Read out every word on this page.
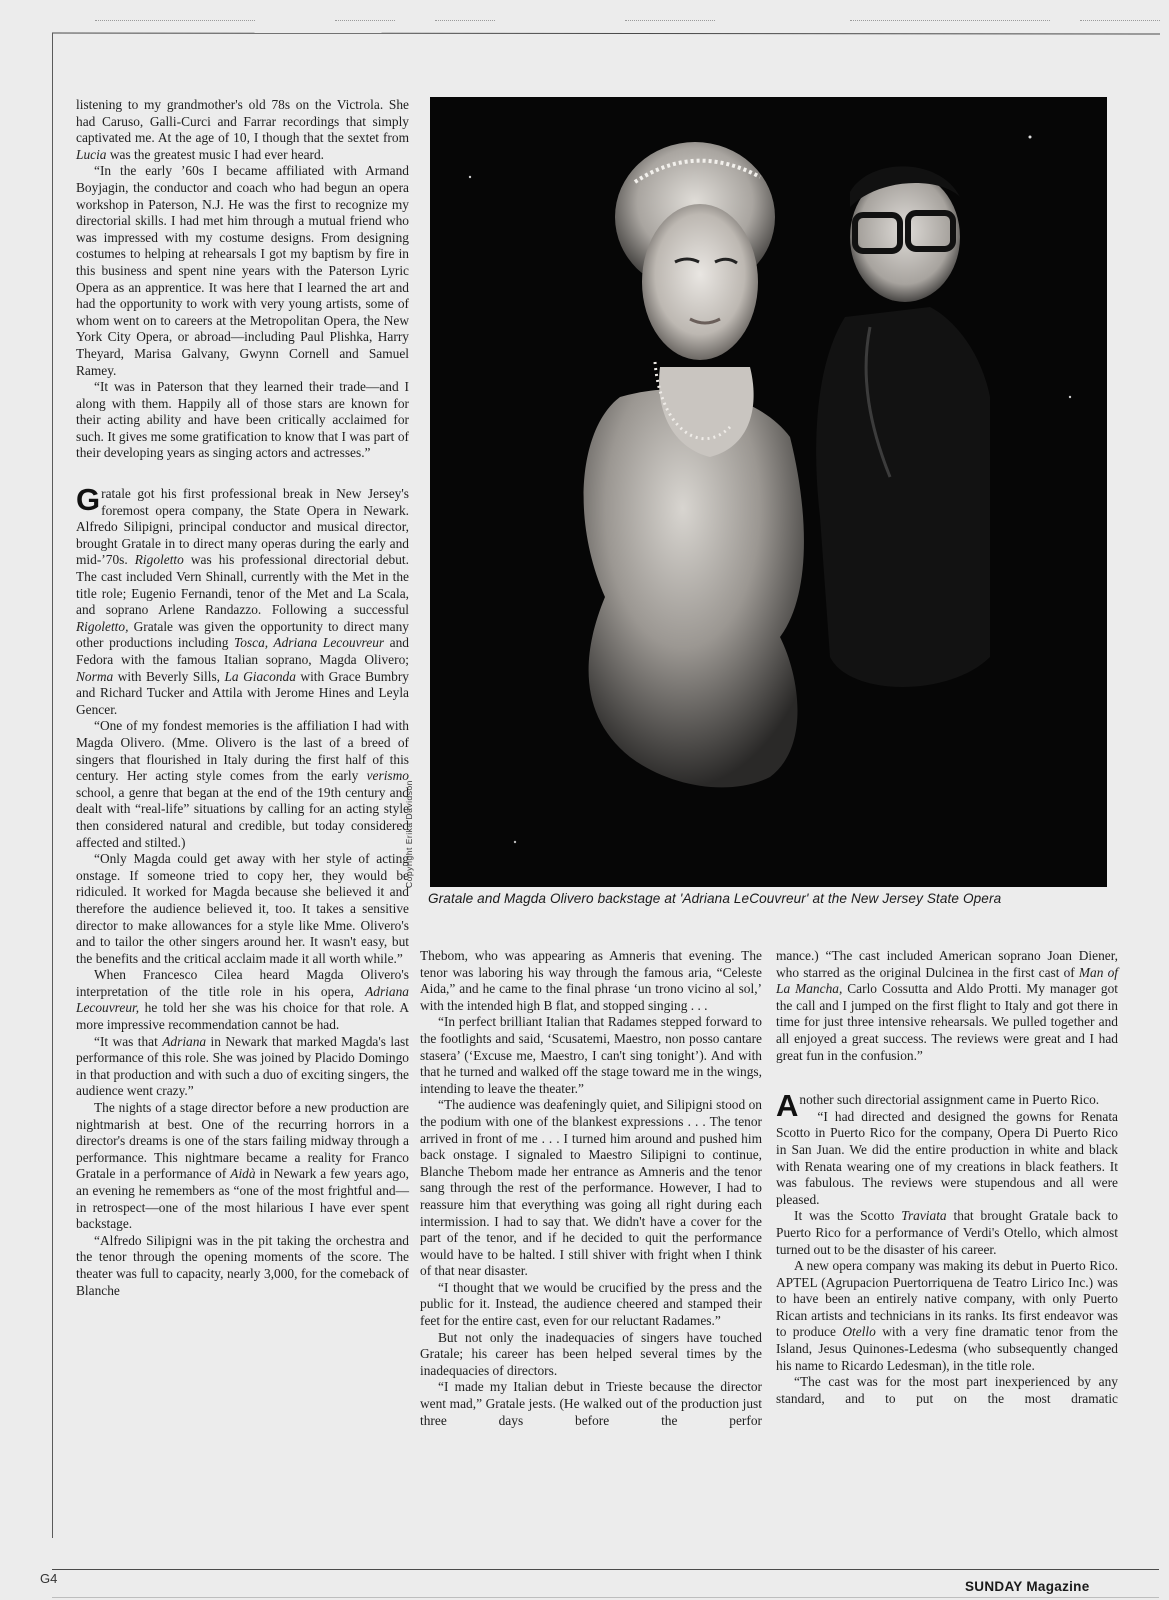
listening to my grandmother's old 78s on the Victrola. She had Caruso, Galli-Curci and Farrar recordings that simply captivated me. At the age of 10, I though that the sextet from Lucia was the greatest music I had ever heard.

“In the early ’60s I became affiliated with Armand Boyjagin, the conductor and coach who had begun an opera workshop in Paterson, N.J. He was the first to recognize my directorial skills. I had met him through a mutual friend who was impressed with my costume designs. From designing costumes to helping at rehearsals I got my baptism by fire in this business and spent nine years with the Paterson Lyric Opera as an apprentice. It was here that I learned the art and had the opportunity to work with very young artists, some of whom went on to careers at the Metropolitan Opera, the New York City Opera, or abroad—including Paul Plishka, Harry Theyard, Marisa Galvany, Gwynn Cornell and Samuel Ramey.

“It was in Paterson that they learned their trade—and I along with them. Happily all of those stars are known for their acting ability and have been critically acclaimed for such. It gives me some gratification to know that I was part of their developing years as singing actors and actresses.”

Gratale got his first professional break in New Jersey's foremost opera company, the State Opera in Newark. Alfredo Silipigni, principal conductor and musical director, brought Gratale in to direct many operas during the early and mid-’70s. Rigoletto was his professional directorial debut. The cast included Vern Shinall, currently with the Met in the title role; Eugenio Fernandi, tenor of the Met and La Scala, and soprano Arlene Randazzo. Following a successful Rigoletto, Gratale was given the opportunity to direct many other productions including Tosca, Adriana Lecouvreur and Fedora with the famous Italian soprano, Magda Olivero; Norma with Beverly Sills, La Giaconda with Grace Bumbry and Richard Tucker and Attila with Jerome Hines and Leyla Gencer.

“One of my fondest memories is the affiliation I had with Magda Olivero. (Mme. Olivero is the last of a breed of singers that flourished in Italy during the first half of this century. Her acting style comes from the early verismo school, a genre that began at the end of the 19th century and dealt with “real-life” situations by calling for an acting style then considered natural and credible, but today considered affected and stilted.)

“Only Magda could get away with her style of acting onstage. If someone tried to copy her, they would be ridiculed. It worked for Magda because she believed it and therefore the audience believed it, too. It takes a sensitive director to make allowances for a style like Mme. Olivero's and to tailor the other singers around her. It wasn't easy, but the benefits and the critical acclaim made it all worth while.”

When Francesco Cilea heard Magda Olivero's interpretation of the title role in his opera, Adriana Lecouvreur, he told her she was his choice for that role. A more impressive recommendation cannot be had.

“It was that Adriana in Newark that marked Magda's last performance of this role. She was joined by Placido Domingo in that production and with such a duo of exciting singers, the audience went crazy.”

The nights of a stage director before a new production are nightmarish at best. One of the recurring horrors in a director's dreams is one of the stars failing midway through a performance. This nightmare became a reality for Franco Gratale in a performance of Aidà in Newark a few years ago, an evening he remembers as “one of the most frightful and—in retrospect—one of the most hilarious I have ever spent backstage.

“Alfredo Silipigni was in the pit taking the orchestra and the tenor through the opening moments of the score. The theater was full to capacity, nearly 3,000, for the comeback of Blanche

Copyright Erika Davidson
Gratale and Magda Olivero backstage at 'Adriana LeCouvreur' at the New Jersey State Opera

Thebom, who was appearing as Amneris that evening. The tenor was laboring his way through the famous aria, “Celeste Aida,” and he came to the final phrase ‘un trono vicino al sol,’ with the intended high B flat, and stopped singing . . .

“In perfect brilliant Italian that Radames stepped forward to the footlights and said, ‘Scusatemi, Maestro, non posso cantare stasera’ (‘Excuse me, Maestro, I can't sing tonight’). And with that he turned and walked off the stage toward me in the wings, intending to leave the theater.”

“The audience was deafeningly quiet, and Silipigni stood on the podium with one of the blankest expressions . . . The tenor arrived in front of me . . . I turned him around and pushed him back onstage. I signaled to Maestro Silipigni to continue, Blanche Thebom made her entrance as Amneris and the tenor sang through the rest of the performance. However, I had to reassure him that everything was going all right during each intermission. I had to say that. We didn't have a cover for the part of the tenor, and if he decided to quit the performance would have to be halted. I still shiver with fright when I think of that near disaster.

“I thought that we would be crucified by the press and the public for it. Instead, the audience cheered and stamped their feet for the entire cast, even for our reluctant Radames.”

But not only the inadequacies of singers have touched Gratale; his career has been helped several times by the inadequacies of directors.

“I made my Italian debut in Trieste because the director went mad,” Gratale jests. (He walked out of the production just three days before the perfor

mance.) “The cast included American soprano Joan Diener, who starred as the original Dulcinea in the first cast of Man of La Mancha, Carlo Cossutta and Aldo Protti. My manager got the call and I jumped on the first flight to Italy and got there in time for just three intensive rehearsals. We pulled together and all enjoyed a great success. The reviews were great and I had great fun in the confusion.”

Another such directorial assignment came in Puerto Rico.

“I had directed and designed the gowns for Renata Scotto in Puerto Rico for the company, Opera Di Puerto Rico in San Juan. We did the entire production in white and black with Renata wearing one of my creations in black feathers. It was fabulous. The reviews were stupendous and all were pleased.

It was the Scotto Traviata that brought Gratale back to Puerto Rico for a performance of Verdi's Otello, which almost turned out to be the disaster of his career.

A new opera company was making its debut in Puerto Rico. APTEL (Agrupacion Puertorriquena de Teatro Lirico Inc.) was to have been an entirely native company, with only Puerto Rican artists and technicians in its ranks. Its first endeavor was to produce Otello with a very fine dramatic tenor from the Island, Jesus Quinones-Ledesma (who subsequently changed his name to Ricardo Ledesman), in the title role.

“The cast was for the most part inexperienced by any standard, and to put on the most dramatic

G4
SUNDAY Magazine
